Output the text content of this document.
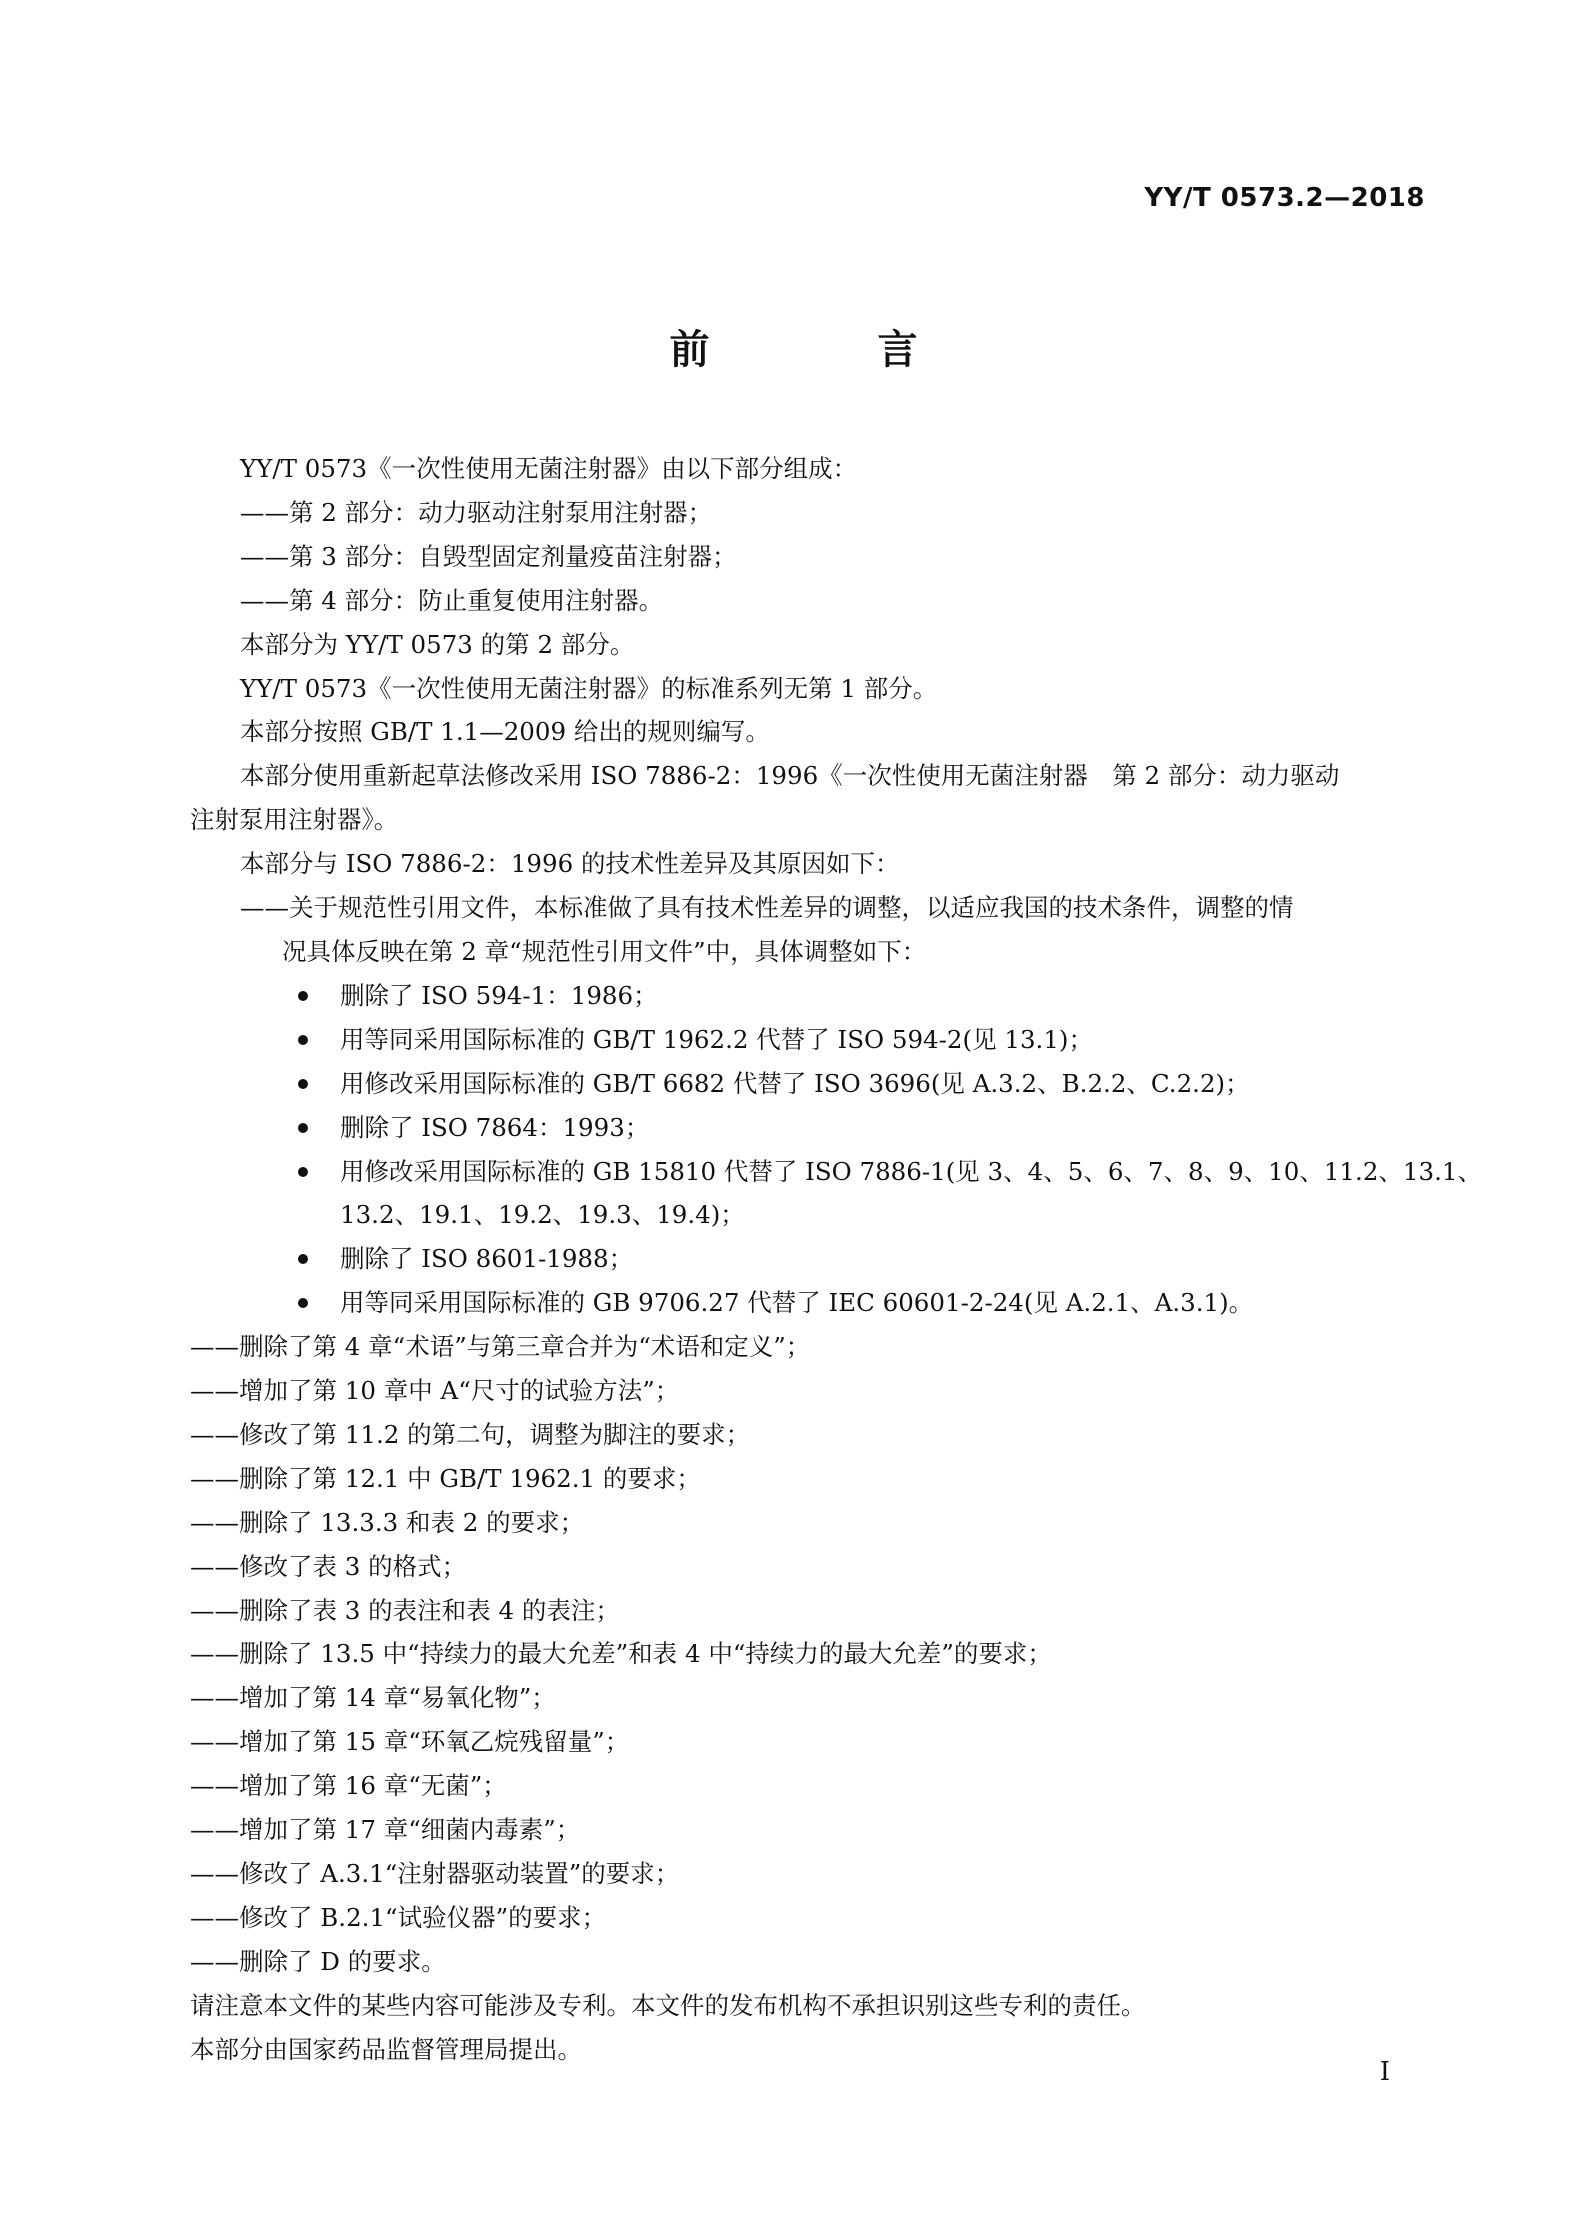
YY/T 0573.2—2018
前　言
YY/T 0573《一次性使用无菌注射器》由以下部分组成：
——第 2 部分：动力驱动注射泵用注射器；
——第 3 部分：自毁型固定剂量疫苗注射器；
——第 4 部分：防止重复使用注射器。
本部分为 YY/T 0573 的第 2 部分。
YY/T 0573《一次性使用无菌注射器》的标准系列无第 1 部分。
本部分按照 GB/T 1.1—2009 给出的规则编写。
本部分使用重新起草法修改采用 ISO 7886-2：1996《一次性使用无菌注射器　第 2 部分：动力驱动
注射泵用注射器》。
本部分与 ISO 7886-2：1996 的技术性差异及其原因如下：
——关于规范性引用文件，本标准做了具有技术性差异的调整，以适应我国的技术条件，调整的情
况具体反映在第 2 章“规范性引用文件”中，具体调整如下：
删除了 ISO 594-1：1986；
用等同采用国际标准的 GB/T 1962.2 代替了 ISO 594-2(见 13.1)；
用修改采用国际标准的 GB/T 6682 代替了 ISO 3696(见 A.3.2、B.2.2、C.2.2)；
删除了 ISO 7864：1993；
用修改采用国际标准的 GB 15810 代替了 ISO 7886-1(见 3、4、5、6、7、8、9、10、11.2、13.1、
13.2、19.1、19.2、19.3、19.4)；
删除了 ISO 8601-1988；
用等同采用国际标准的 GB 9706.27 代替了 IEC 60601-2-24(见 A.2.1、A.3.1)。
——删除了第 4 章“术语”与第三章合并为“术语和定义”；
——增加了第 10 章中 A“尺寸的试验方法”；
——修改了第 11.2 的第二句，调整为脚注的要求；
——删除了第 12.1 中 GB/T 1962.1 的要求；
——删除了 13.3.3 和表 2 的要求；
——修改了表 3 的格式；
——删除了表 3 的表注和表 4 的表注；
——删除了 13.5 中“持续力的最大允差”和表 4 中“持续力的最大允差”的要求；
——增加了第 14 章“易氧化物”；
——增加了第 15 章“环氧乙烷残留量”；
——增加了第 16 章“无菌”；
——增加了第 17 章“细菌内毒素”；
——修改了 A.3.1“注射器驱动装置”的要求；
——修改了 B.2.1“试验仪器”的要求；
——删除了 D 的要求。
请注意本文件的某些内容可能涉及专利。本文件的发布机构不承担识别这些专利的责任。
本部分由国家药品监督管理局提出。
I
